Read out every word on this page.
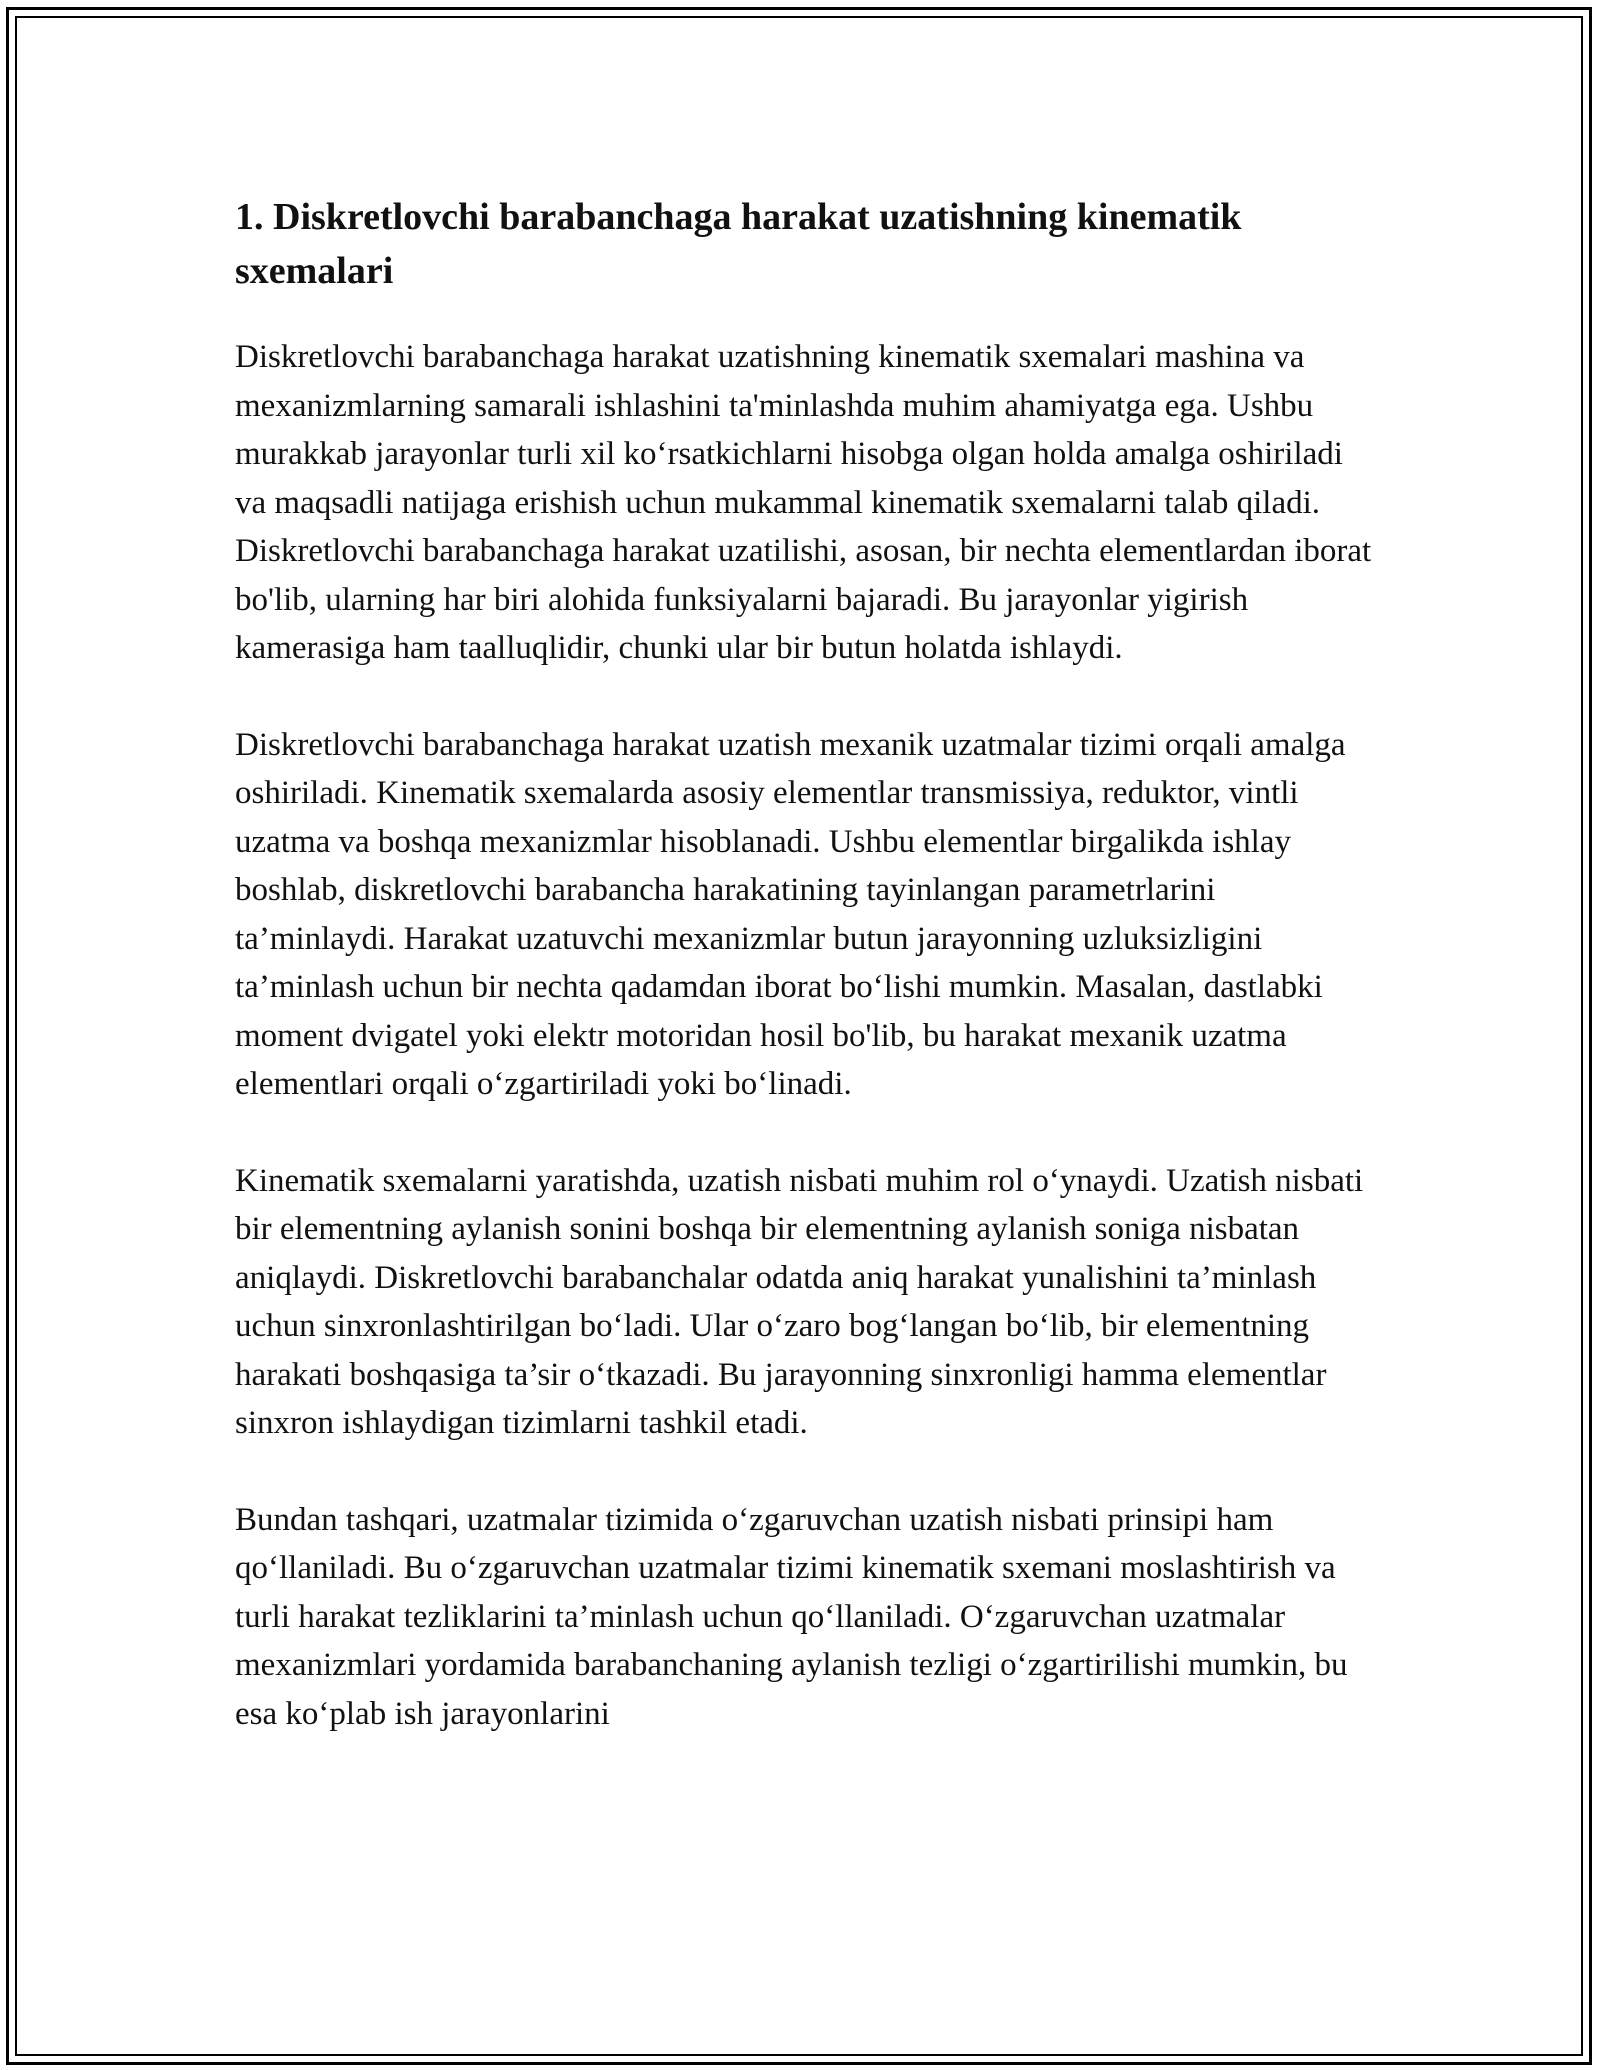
1. Diskretlovchi barabanchaga harakat uzatishning kinematik sxemalari

Diskretlovchi barabanchaga harakat uzatishning kinematik sxemalari mashina va mexanizmlarning samarali ishlashini ta'minlashda muhim ahamiyatga ega. Ushbu murakkab jarayonlar turli xil ko‘rsatkichlarni hisobga olgan holda amalga oshiriladi va maqsadli natijaga erishish uchun mukammal kinematik sxemalarni talab qiladi. Diskretlovchi barabanchaga harakat uzatilishi, asosan, bir nechta elementlardan iborat bo'lib, ularning har biri alohida funksiyalarni bajaradi. Bu jarayonlar yigirish kamerasiga ham taalluqlidir, chunki ular bir butun holatda ishlaydi.

Diskretlovchi barabanchaga harakat uzatish mexanik uzatmalar tizimi orqali amalga oshiriladi. Kinematik sxemalarda asosiy elementlar transmissiya, reduktor, vintli uzatma va boshqa mexanizmlar hisoblanadi. Ushbu elementlar birgalikda ishlay boshlab, diskretlovchi barabancha harakatining tayinlangan parametrlarini ta’minlaydi. Harakat uzatuvchi mexanizmlar butun jarayonning uzluksizligini ta’minlash uchun bir nechta qadamdan iborat bo‘lishi mumkin. Masalan, dastlabki moment dvigatel yoki elektr motoridan hosil bo'lib, bu harakat mexanik uzatma elementlari orqali o‘zgartiriladi yoki bo‘linadi.

Kinematik sxemalarni yaratishda, uzatish nisbati muhim rol o‘ynaydi. Uzatish nisbati bir elementning aylanish sonini boshqa bir elementning aylanish soniga nisbatan aniqlaydi. Diskretlovchi barabanchalar odatda aniq harakat yunalishini ta’minlash uchun sinxronlashtirilgan bo‘ladi. Ular o‘zaro bog‘langan bo‘lib, bir elementning harakati boshqasiga ta’sir o‘tkazadi. Bu jarayonning sinxronligi hamma elementlar sinxron ishlaydigan tizimlarni tashkil etadi.

Bundan tashqari, uzatmalar tizimida o‘zgaruvchan uzatish nisbati prinsipi ham qo‘llaniladi. Bu o‘zgaruvchan uzatmalar tizimi kinematik sxemani moslashtirish va turli harakat tezliklarini ta’minlash uchun qo‘llaniladi. O‘zgaruvchan uzatmalar mexanizmlari yordamida barabanchaning aylanish tezligi o‘zgartirilishi mumkin, bu esa ko‘plab ish jarayonlarini
